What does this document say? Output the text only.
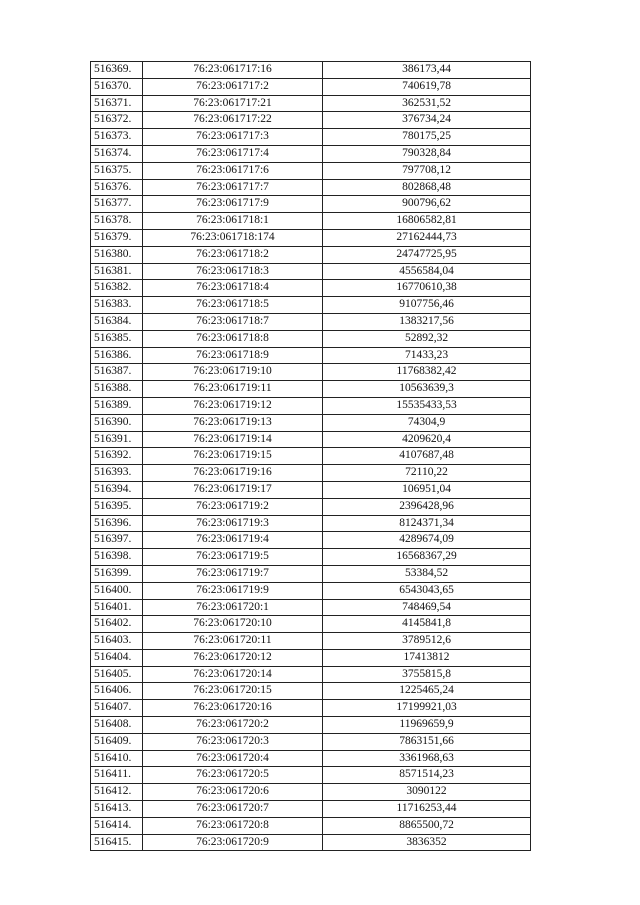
516369.	76:23:061717:16	386173,44
516370.	76:23:061717:2	740619,78
516371.	76:23:061717:21	362531,52
516372.	76:23:061717:22	376734,24
516373.	76:23:061717:3	780175,25
516374.	76:23:061717:4	790328,84
516375.	76:23:061717:6	797708,12
516376.	76:23:061717:7	802868,48
516377.	76:23:061717:9	900796,62
516378.	76:23:061718:1	16806582,81
516379.	76:23:061718:174	27162444,73
516380.	76:23:061718:2	24747725,95
516381.	76:23:061718:3	4556584,04
516382.	76:23:061718:4	16770610,38
516383.	76:23:061718:5	9107756,46
516384.	76:23:061718:7	1383217,56
516385.	76:23:061718:8	52892,32
516386.	76:23:061718:9	71433,23
516387.	76:23:061719:10	11768382,42
516388.	76:23:061719:11	10563639,3
516389.	76:23:061719:12	15535433,53
516390.	76:23:061719:13	74304,9
516391.	76:23:061719:14	4209620,4
516392.	76:23:061719:15	4107687,48
516393.	76:23:061719:16	72110,22
516394.	76:23:061719:17	106951,04
516395.	76:23:061719:2	2396428,96
516396.	76:23:061719:3	8124371,34
516397.	76:23:061719:4	4289674,09
516398.	76:23:061719:5	16568367,29
516399.	76:23:061719:7	53384,52
516400.	76:23:061719:9	6543043,65
516401.	76:23:061720:1	748469,54
516402.	76:23:061720:10	4145841,8
516403.	76:23:061720:11	3789512,6
516404.	76:23:061720:12	17413812
516405.	76:23:061720:14	3755815,8
516406.	76:23:061720:15	1225465,24
516407.	76:23:061720:16	17199921,03
516408.	76:23:061720:2	11969659,9
516409.	76:23:061720:3	7863151,66
516410.	76:23:061720:4	3361968,63
516411.	76:23:061720:5	8571514,23
516412.	76:23:061720:6	3090122
516413.	76:23:061720:7	11716253,44
516414.	76:23:061720:8	8865500,72
516415.	76:23:061720:9	3836352
